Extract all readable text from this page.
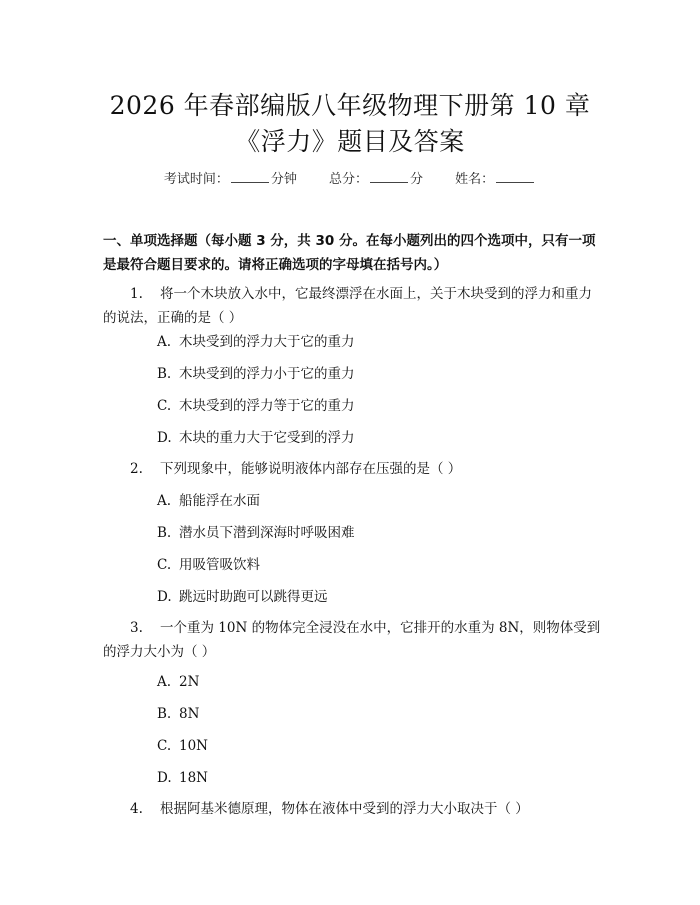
2026 年春部编版八年级物理下册第 10 章
《浮力》题目及答案
考试时间：	分钟 总分：	分 姓名：
一、单项选择题（每小题 3 分，共 30 分。在每小题列出的四个选项中，只有一项
是最符合题目要求的。请将正确选项的字母填在括号内。）
1. 将一个木块放入水中，它最终漂浮在水面上，关于木块受到的浮力和重力
的说法，正确的是（ ）
A. 木块受到的浮力大于它的重力
B. 木块受到的浮力小于它的重力
C. 木块受到的浮力等于它的重力
D. 木块的重力大于它受到的浮力
2. 下列现象中，能够说明液体内部存在压强的是（ ）
A. 船能浮在水面
B. 潜水员下潜到深海时呼吸困难
C. 用吸管吸饮料
D. 跳远时助跑可以跳得更远
3. 一个重为 10N 的物体完全浸没在水中，它排开的水重为 8N，则物体受到
的浮力大小为（ ）
A. 2N
B. 8N
C. 10N
D. 18N
4. 根据阿基米德原理，物体在液体中受到的浮力大小取决于（ ）
